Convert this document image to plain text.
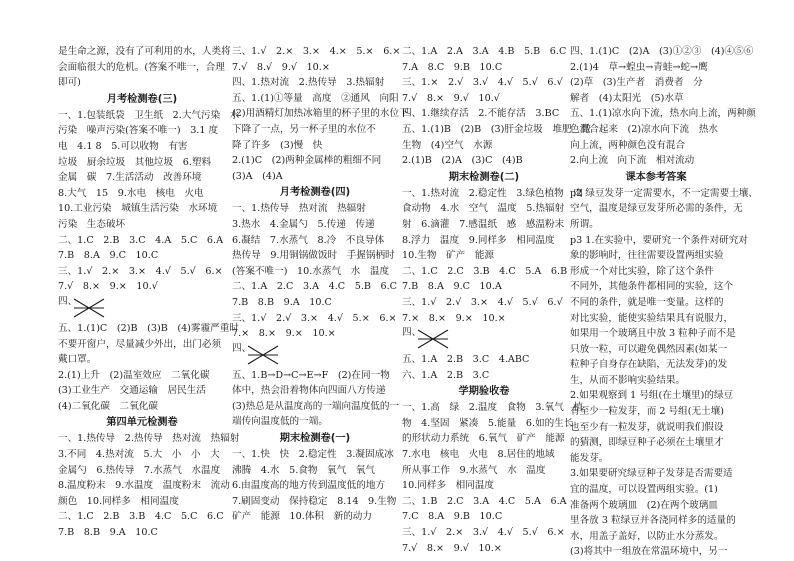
是生命之源，没有了可利用的水，人类将
会面临很大的危机。(答案不唯一，合理
即可)
月考检测卷(三)
一、1.包装纸袋　卫生纸　2.大气污染　水
污染　噪声污染(答案不唯一)　3.1 度
电　4.1 8　5.可以收物　有害
垃圾　厨余垃圾　其他垃圾　6.塑料
金属　碳　7.生活活动　改善环境
8.大气　15　9.水电　核电　火电
10.工业污染　城镇生活污染　水环境
污染　生态破坏
二、1.C　2.B　3.C　4.A　5.C　6.A
7.B　8.A　9.C　10.C
三、1.√　2.×　3.×　4.√　5.√　6.×
7.√　8.×　9.×　10.√
四、
五、1.(1)C　(2)B　(3)B　(4)雾霾严重时
不要开窗户，尽量减少外出，出门必须
戴口罩。
2.(1)上升　(2)温室效应　二氧化碳
(3)工业生产　交通运输　居民生活
(4)二氧化碳　二氧化碳
第四单元检测卷
一、1.热传导　2.热传导　热对流　热辐射
3.不同　4.热对流　5.大　小　小　大
金属勺　6.热传导　7.水蒸气　水温度
8.温度粉末　9.水温度　温度粉末　流动
颜色　10.同样多　相同温度
二、1.C　2.B　3.B　4.C　5.C　6.C
7.B　8.B　9.A　10.C
三、1.√　2.×　3.×　4.×　5.×　6.×
7.√　8.√　9.√　10.×
四、1.热对流　2.热传导　3.热辐射
五、1.(1)①等量　高度　②通风　向阳
(2)用酒精灯加热冰箱里的杯子里的水位下
下降了一点，另一杯子里的水位不
降了许多　(3)慢　快
2.(1)C　(2)两种金属棒的粗细不同
(3)A　(4)A
月考检测卷(四)
一、1.热传导　热对流　热辐射
3.热水　4.金属勺　5.传递　传递
6.凝结　7.水蒸气　8.冷　不良导体
热传导　9.用铜锅做饭时　手握锅柄时
(答案不唯一)　10.水蒸气　水　温度
二、1.A　2.C　3.A　4.C　5.B　6.C
7.B　8.B　9.A　10.C
三、1.√　2.√　3.×　4.√　5.×　6.×
7.×　8.×　9.×　10.×
四、
五、1.B→D→C→E→F　(2)在同一物
体中，热会沿着物体向四面八方传递
(3)热总是从温度高的一端向温度低的一
端传向温度低的一端。
期末检测卷(一)
一、1.快　快　2.稳定性　3.凝固成冰
沸腾　4.水　5.食物　氧气　氧气
6.由温度高的地方传到温度低的地方
7.刷固变动　保持稳定　8.14　9.生物
矿产　能源　10.体积　新的动力
二、1.A　2.A　3.A　4.B　5.B　6.C
7.A　8.C　9.B　10.C
三、1.×　2.√　3.√　4.√　5.√　6.√
7.√　8.×　9.√　10.√
四、1.继续存活　2.不能存活　3.BC
五、1.(1)B　(2)B　(3)肝金垃圾　堆肥　微
生物　(4)空气　水源
2.(1)B　(2)A　(3)C　(4)B
期末检测卷(二)
一、1.热对流　2.稳定性　3.绿色植物　肉
食动物　4.水　空气　温度　5.热辐射
射　6.滴灌　7.感温纸　感　感温粉末
8.浮力　温度　9.同样多　相同温度
10.生物　矿产　能源
二、1.C　2.C　3.B　4.C　5.A　6.B
7.B　8.A　9.C　10.A
三、1.√　2.√　3.×　4.√　5.√　6.√
7.×　8.×　9.×　10.×
四、
五、1.A　2.B　3.C　4.ABC
六、1.A　2.B　3.C
学期验收卷
一、1.高　绿　2.温度　食物　3.氧气　植
物　4.坚固　紧凑　5.能量　6.如的生长
的形状动力系统　6.氧气　矿产　能源
7.水电　核电　火电　8.居住的地域
所从事工作　9.水蒸气　水　温度
10.同样多　相同温度
二、1.B　2.C　3.A　4.C　5.A　6.A
7.C　8.A　9.B　10.C
三、1.√　2.×　3.√　4.√　5.√　6.×
7.√　8.×　9.√　10.×
四、1.(1)C　(2)A　(3)①②③　(4)④⑤⑥
2.(1)4　草→蝗虫→青蛙→蛇→鹰
(2)草　(3)生产者　消费者　分
解者　(4)太阳光　(5)水草
五、1.(1)凉水向下流，热水向上流，两种颜
色混合起来　(2)凉水向下流　热水
向上流，两种颜色没有混合
2.向上流　向下流　相对流动
课本参考答案
p2 绿豆发芽一定需要水，不一定需要土壤、
空气，温度是绿豆发芽所必需的条件，无
所谓。
p3 1.在实验中，要研究一个条件对研究对
象的影响时，往往需要设置两组实验
形成一个对比实验，除了这个条件
不同外，其他条件都相同的实验，这个
不同的条件，就是唯一变量。这样的
对比实验，能使实验结果具有说服力，
如果用一个玻璃且中放 3 粒种子而不是
只放一粒，可以避免偶然因素(如某一
粒种子自身存在缺陷，无法发芽)的发
生，从而不影响实验结果。
2.如果观察到 1 号组(在土壤里)的绿豆
有至少一粒发芽，而 2 号组(无土壤)
也至少有一粒发芽，就说明我们假设
的猜测，即绿豆种子必须在土壤里才
能发芽。
3.如果要研究绿豆种子发芽是否需要适
宜的温度，可以设置两组实验。(1)
准备两个玻璃皿　(2)在两个玻璃皿
里各放 3 粒绿豆并各浇同样多的适量的
水，用盖子盖好，以防止水分蒸发。
(3)将其中一组放在常温环境中，另一
